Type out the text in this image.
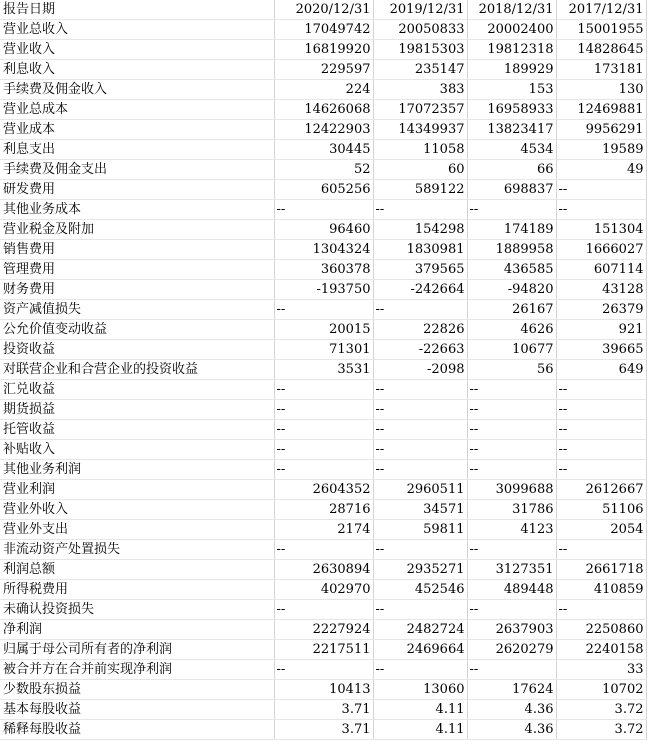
报告日期	2020/12/31	2019/12/31	2018/12/31	2017/12/31
营业总收入	17049742	20050833	20002400	15001955
营业收入	16819920	19815303	19812318	14828645
利息收入	229597	235147	189929	173181
手续费及佣金收入	224	383	153	130
营业总成本	14626068	17072357	16958933	12469881
营业成本	12422903	14349937	13823417	9956291
利息支出	30445	11058	4534	19589
手续费及佣金支出	52	60	66	49
研发费用	605256	589122	698837	--
其他业务成本	--	--	--	--
营业税金及附加	96460	154298	174189	151304
销售费用	1304324	1830981	1889958	1666027
管理费用	360378	379565	436585	607114
财务费用	-193750	-242664	-94820	43128
资产减值损失	--	--	26167	26379
公允价值变动收益	20015	22826	4626	921
投资收益	71301	-22663	10677	39665
对联营企业和合营企业的投资收益	3531	-2098	56	649
汇兑收益	--	--	--	--
期货损益	--	--	--	--
托管收益	--	--	--	--
补贴收入	--	--	--	--
其他业务利润	--	--	--	--
营业利润	2604352	2960511	3099688	2612667
营业外收入	28716	34571	31786	51106
营业外支出	2174	59811	4123	2054
非流动资产处置损失	--	--	--	--
利润总额	2630894	2935271	3127351	2661718
所得税费用	402970	452546	489448	410859
未确认投资损失	--	--	--	--
净利润	2227924	2482724	2637903	2250860
归属于母公司所有者的净利润	2217511	2469664	2620279	2240158
被合并方在合并前实现净利润	--	--	--	33
少数股东损益	10413	13060	17624	10702
基本每股收益	3.71	4.11	4.36	3.72
稀释每股收益	3.71	4.11	4.36	3.72
